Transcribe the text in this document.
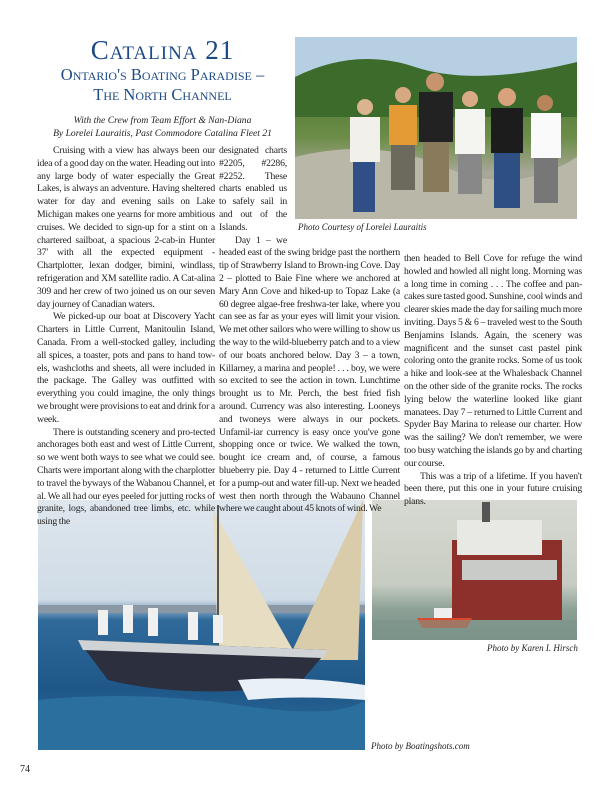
Catalina 21
Ontario's Boating Paradise –
The North Channel
With the Crew from Team Effort & Nan-Diana
By Lorelei Lauraitis, Past Commodore Catalina Fleet 21
Photo Courtesy of Lorelei Lauraitis

Cruising with a view has always been our idea of a good day on the water. Heading out into any large body of water especially the Great Lakes, is always an adventure. Having sheltered water for day and evening sails on Lake Michigan makes one yearns for more ambitious cruises. We decided to sign-up for a stint on a chartered sailboat, a spacious 2-cab-in Hunter 37' with all the expected equipment - Chartplotter, lexan dodger, bimini, windlass, refrigeration and XM satellite radio. A Cat-alina 309 and her crew of two joined us on our seven day journey of Canadian waters.

We picked-up our boat at Discovery Yacht Charters in Little Current, Manitoulin Island, Canada. From a well-stocked galley, including all spices, a toaster, pots and pans to hand tow-els, washcloths and sheets, all were included in the package. The Galley was outfitted with everything you could imagine, the only things we brought were provisions to eat and drink for a week.

There is outstanding scenery and pro-tected anchorages both east and west of Little Current, so we went both ways to see what we could see. Charts were important along with the charplotter to travel the byways of the Wabanou Channel, et al. We all had our eyes peeled for jutting rocks of granite, logs, abandoned tree limbs, etc. while using the

designated charts #2205, #2286, #2252. These charts enabled us to safely sail in and out of the Islands.

Day 1 – we headed east of the swing bridge past the northern tip of Strawberry Island to Brown-ing Cove. Day 2 – plotted to Baie Fine where we anchored at Mary Ann Cove and hiked-up to Topaz Lake (a 60 degree algae-free freshwa-ter lake, where you can see as far as your eyes will limit your vision. We met other sailors who were willing to show us the way to the wild-blueberry patch and to a view of our boats anchored below. Day 3 – a town, Killarney, a marina and people! . . . boy, we were so excited to see the action in town. Lunchtime brought us to Mr. Perch, the best fried fish around. Currency was also interesting. Looneys and twoneys were always in our pockets. Unfamil-iar currency is easy once you've gone shopping once or twice. We walked the town, bought ice cream and, of course, a famous blueberry pie. Day 4 - returned to Little Current for a pump-out and water fill-up. Next we headed west then north through the Wabauno Channel where we caught about 45 knots of wind. We

then headed to Bell Cove for refuge the wind howled and howled all night long. Morning was a long time in coming . . . The coffee and pan-cakes sure tasted good. Sunshine, cool winds and clearer skies made the day for sailing much more inviting. Days 5 & 6 – traveled west to the South Benjamins Islands. Again, the scenery was magnificent and the sunset cast pastel pink coloring onto the granite rocks. Some of us took a hike and look-see at the Whalesback Channel on the other side of the granite rocks. The rocks lying below the waterline looked like giant manatees. Day 7 – returned to Little Current and Spyder Bay Marina to release our charter. How was the sailing? We don't remember, we were too busy watching the islands go by and charting our course.

This was a trip of a lifetime. If you haven't been there, put this one in your future cruising plans.

Photo by Karen I. Hirsch
Photo by Boatingshots.com
74
